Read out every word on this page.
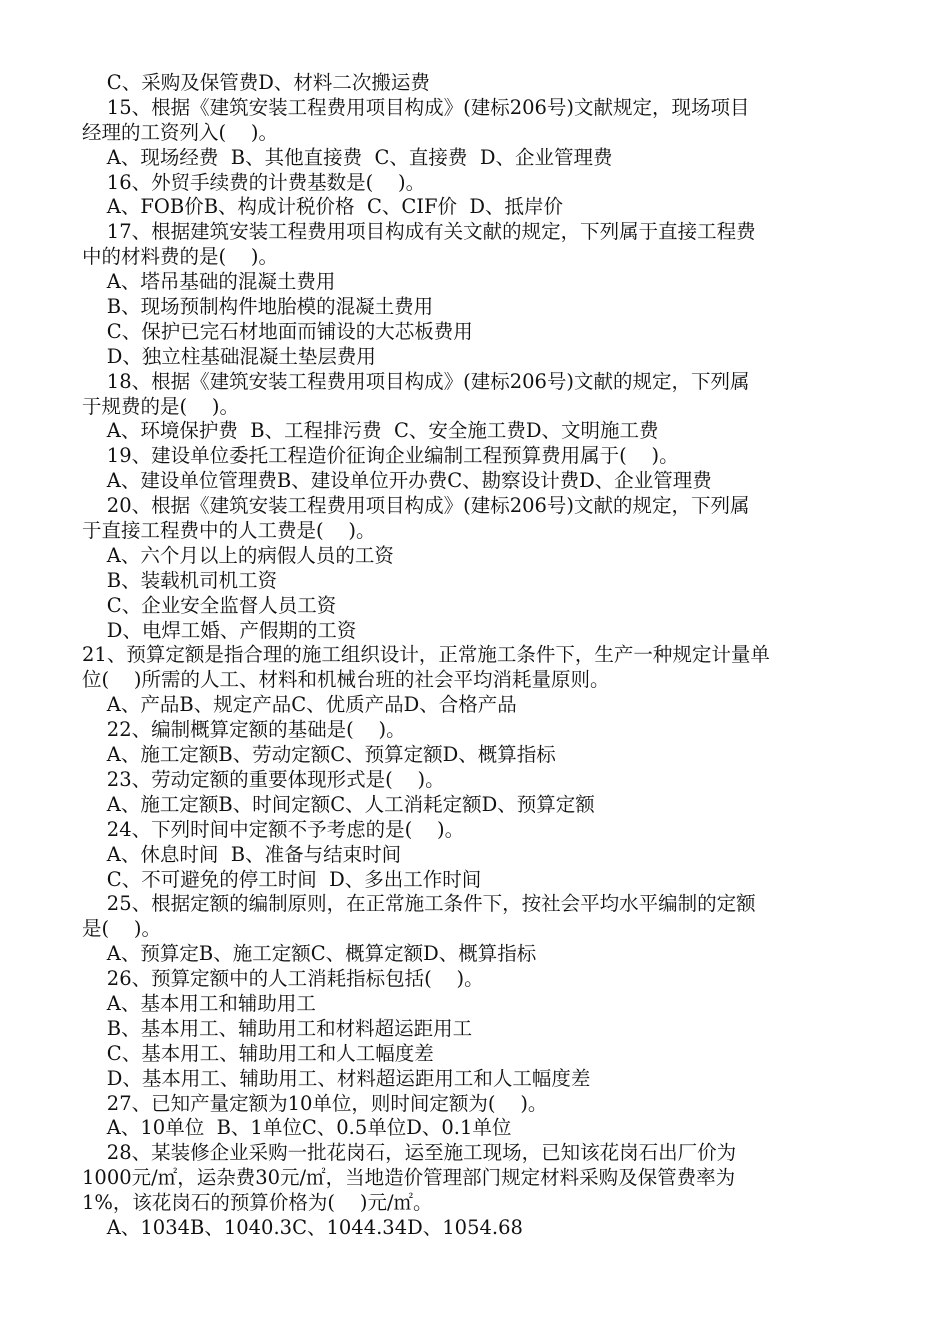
C、采购及保管费D、材料二次搬运费
15、根据《建筑安装工程费用项目构成》(建标206号)文献规定，现场项目
经理的工资列入(    )。
A、现场经费  B、其他直接费  C、直接费  D、企业管理费
16、外贸手续费的计费基数是(    )。
A、FOB价B、构成计税价格  C、CIF价  D、抵岸价
17、根据建筑安装工程费用项目构成有关文献的规定，下列属于直接工程费
中的材料费的是(    )。
A、塔吊基础的混凝土费用
B、现场预制构件地胎模的混凝土费用
C、保护已完石材地面而铺设的大芯板费用
D、独立柱基础混凝土垫层费用
18、根据《建筑安装工程费用项目构成》(建标206号)文献的规定，下列属
于规费的是(    )。
A、环境保护费  B、工程排污费  C、安全施工费D、文明施工费
19、建设单位委托工程造价征询企业编制工程预算费用属于(    )。
A、建设单位管理费B、建设单位开办费C、勘察设计费D、企业管理费
20、根据《建筑安装工程费用项目构成》(建标206号)文献的规定，下列属
于直接工程费中的人工费是(    )。
A、六个月以上的病假人员的工资
B、装载机司机工资
C、企业安全监督人员工资
D、电焊工婚、产假期的工资
21、预算定额是指合理的施工组织设计，正常施工条件下，生产一种规定计量单
位(    )所需的人工、材料和机械台班的社会平均消耗量原则。
A、产品B、规定产品C、优质产品D、合格产品
22、编制概算定额的基础是(    )。
A、施工定额B、劳动定额C、预算定额D、概算指标
23、劳动定额的重要体现形式是(    )。
A、施工定额B、时间定额C、人工消耗定额D、预算定额
24、下列时间中定额不予考虑的是(    )。
A、休息时间  B、准备与结束时间
C、不可避免的停工时间  D、多出工作时间
25、根据定额的编制原则，在正常施工条件下，按社会平均水平编制的定额
是(    )。
A、预算定B、施工定额C、概算定额D、概算指标
26、预算定额中的人工消耗指标包括(    )。
A、基本用工和辅助用工
B、基本用工、辅助用工和材料超运距用工
C、基本用工、辅助用工和人工幅度差
D、基本用工、辅助用工、材料超运距用工和人工幅度差
27、已知产量定额为10单位，则时间定额为(    )。
A、10单位  B、1单位C、0.5单位D、0.1单位
28、某装修企业采购一批花岗石，运至施工现场，已知该花岗石出厂价为
1000元/㎡，运杂费30元/㎡，当地造价管理部门规定材料采购及保管费率为
1%，该花岗石的预算价格为(    )元/㎡。
A、1034B、1040.3C、1044.34D、1054.68
